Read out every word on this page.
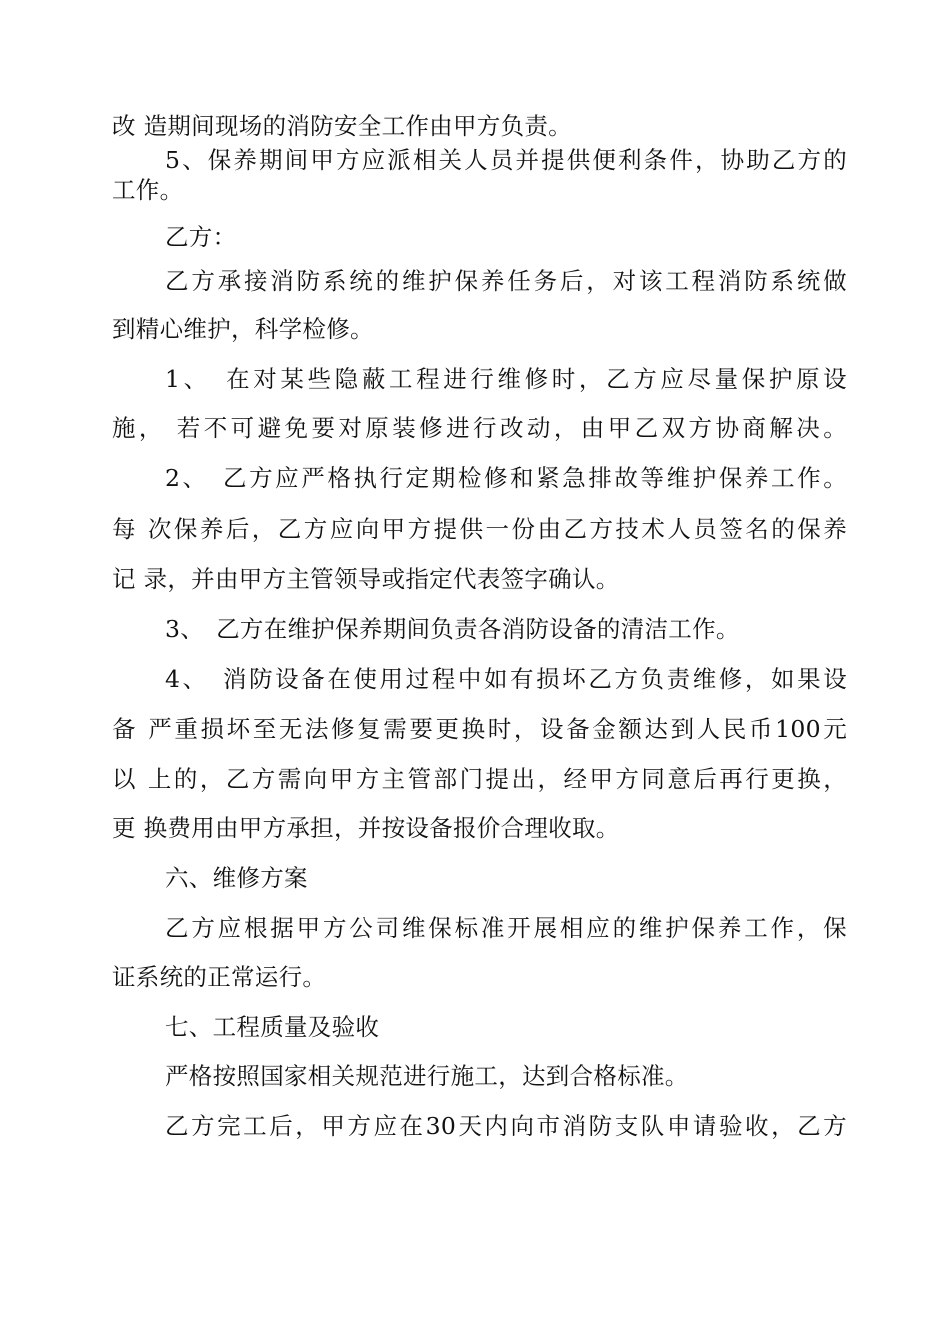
改 造期间现场的消防安全工作由甲方负责。
5、保养期间甲方应派相关人员并提供便利条件，协助乙方的
工作。
乙方：
乙方承接消防系统的维护保养任务后，对该工程消防系统做
到精心维护，科学检修。
1、　在对某些隐蔽工程进行维修时，乙方应尽量保护原设
施， 若不可避免要对原装修进行改动，由甲乙双方协商解决。
2、　乙方应严格执行定期检修和紧急排故等维护保养工作。
每 次保养后，乙方应向甲方提供一份由乙方技术人员签名的保养
记 录，并由甲方主管领导或指定代表签字确认。
3、　乙方在维护保养期间负责各消防设备的清洁工作。
4、　消防设备在使用过程中如有损坏乙方负责维修，如果设
备 严重损坏至无法修复需要更换时，设备金额达到人民币100元
以 上的，乙方需向甲方主管部门提出，经甲方同意后再行更换，
更 换费用由甲方承担，并按设备报价合理收取。
六、维修方案
乙方应根据甲方公司维保标准开展相应的维护保养工作，保
证系统的正常运行。
七、工程质量及验收
严格按照国家相关规范进行施工，达到合格标准。
乙方完工后，甲方应在30天内向市消防支队申请验收，乙方
